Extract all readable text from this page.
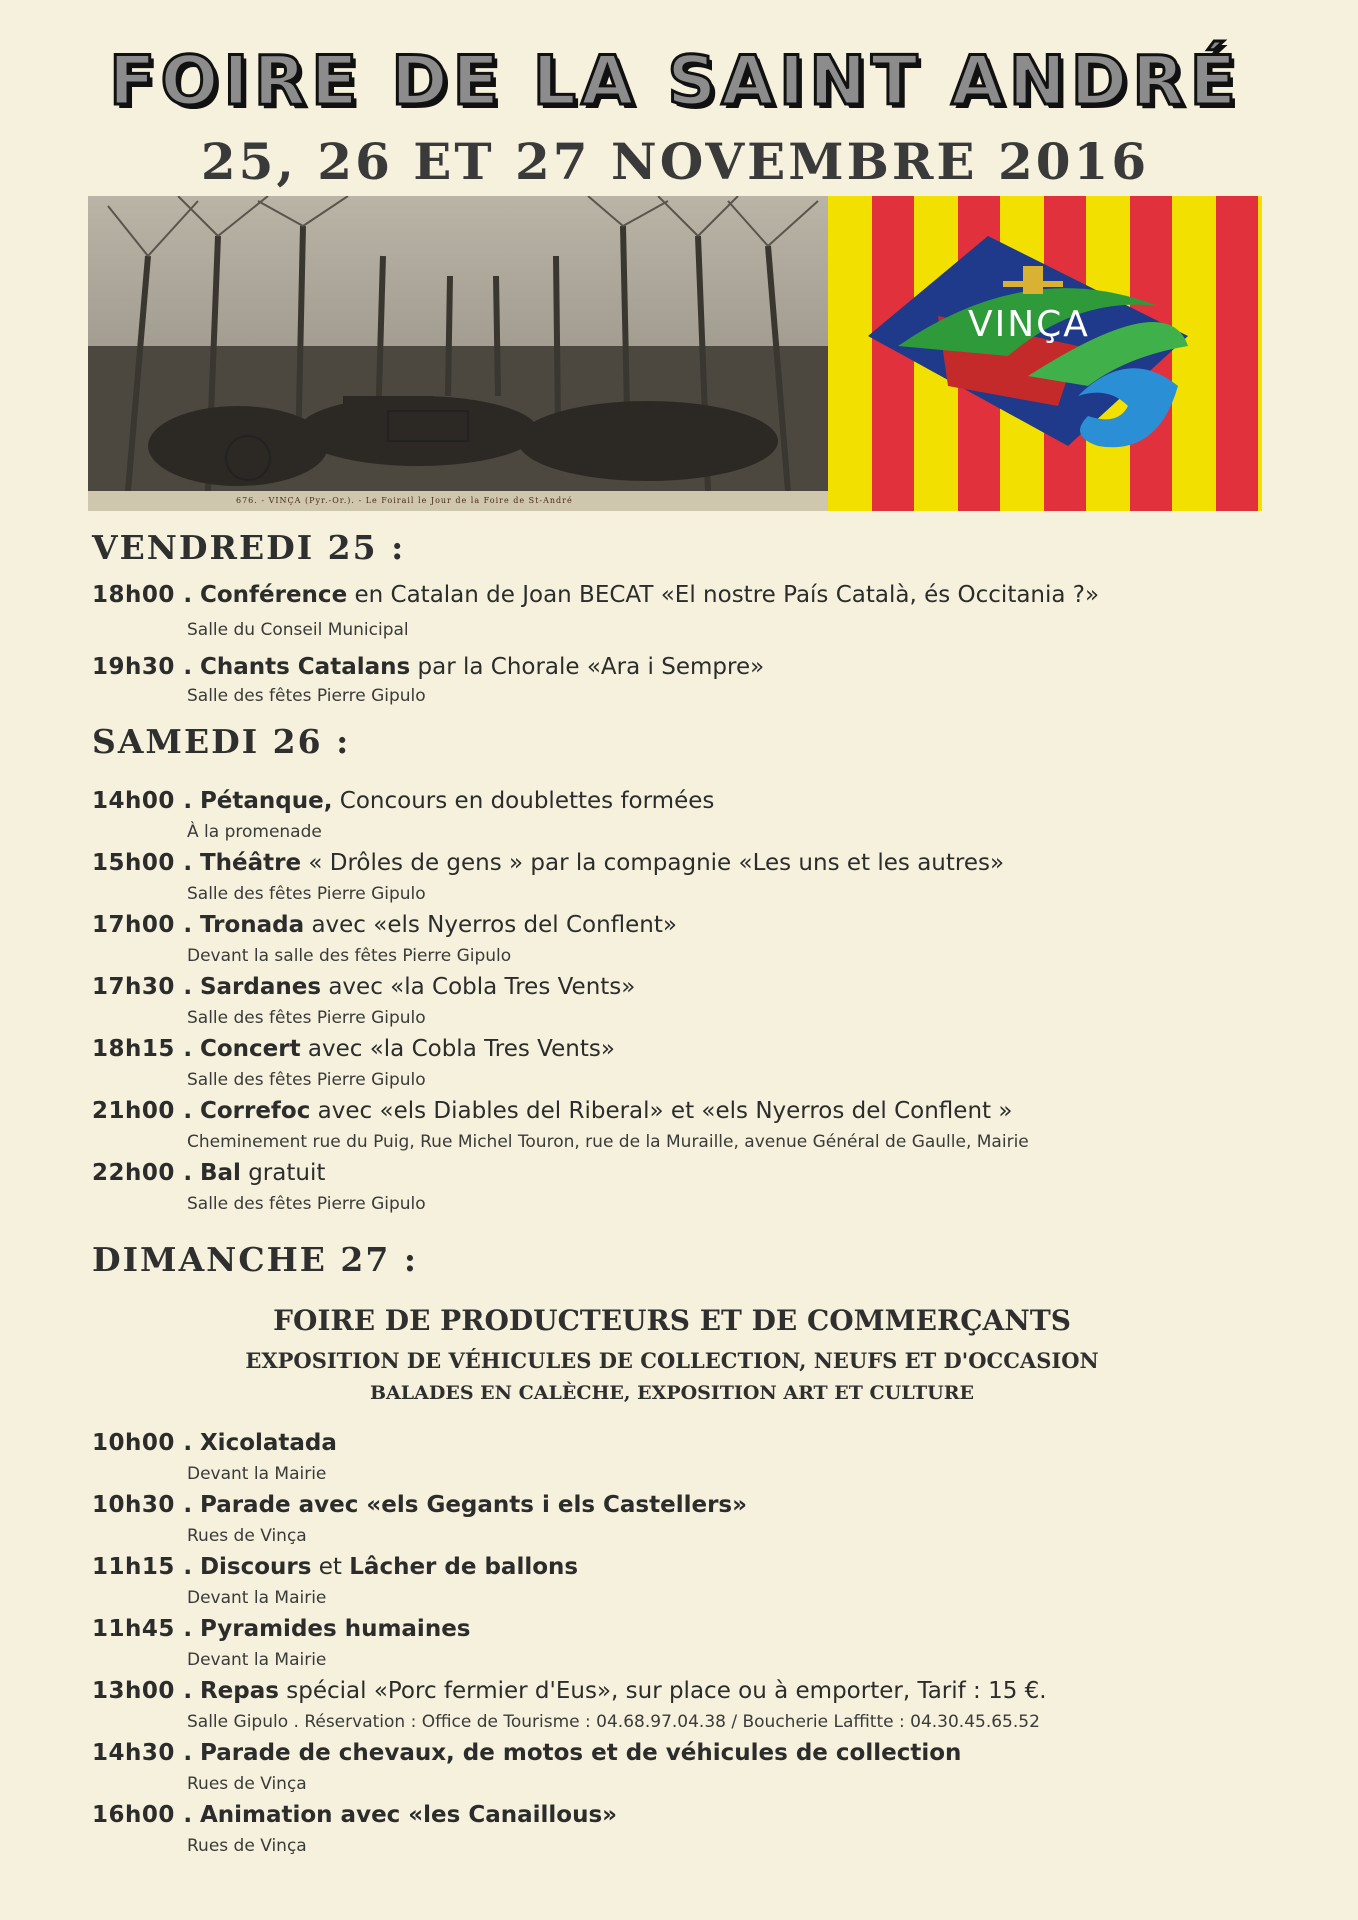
FOIRE DE LA SAINT ANDRÉ
25, 26 ET 27 NOVEMBRE 2016
676. - VINÇA (Pyr.-Or.). - Le Foirail le Jour de la Foire de St-André
VINÇA
VENDREDI 25 :
18h00 . Conférence en Catalan de Joan BECAT «El nostre País Català, és Occitania ?»
Salle du Conseil Municipal
19h30 . Chants Catalans par la Chorale «Ara i Sempre»
Salle des fêtes Pierre Gipulo
SAMEDI 26 :
14h00 . Pétanque, Concours en doublettes formées
À la promenade
15h00 . Théâtre « Drôles de gens » par la compagnie «Les uns et les autres»
Salle des fêtes Pierre Gipulo
17h00 . Tronada avec «els Nyerros del Conflent»
Devant la salle des fêtes Pierre Gipulo
17h30 . Sardanes avec «la Cobla Tres Vents»
Salle des fêtes Pierre Gipulo
18h15 . Concert avec «la Cobla Tres Vents»
Salle des fêtes Pierre Gipulo
21h00 . Correfoc avec «els Diables del Riberal» et «els Nyerros del Conflent »
Cheminement rue du Puig, Rue Michel Touron, rue de la Muraille, avenue Général de Gaulle, Mairie
22h00 . Bal gratuit
Salle des fêtes Pierre Gipulo
DIMANCHE 27 :
FOIRE DE PRODUCTEURS ET DE COMMERÇANTS
EXPOSITION DE VÉHICULES DE COLLECTION, NEUFS ET D'OCCASION
BALADES EN CALÈCHE, EXPOSITION ART ET CULTURE
10h00 . Xicolatada
Devant la Mairie
10h30 . Parade avec «els Gegants i els Castellers»
Rues de Vinça
11h15 . Discours et Lâcher de ballons
Devant la Mairie
11h45 . Pyramides humaines
Devant la Mairie
13h00 . Repas spécial «Porc fermier d'Eus», sur place ou à emporter, Tarif : 15 €.
Salle Gipulo . Réservation : Office de Tourisme : 04.68.97.04.38 / Boucherie Laffitte : 04.30.45.65.52
14h30 . Parade de chevaux, de motos et de véhicules de collection
Rues de Vinça
16h00 . Animation avec «les Canaillous»
Rues de Vinça
